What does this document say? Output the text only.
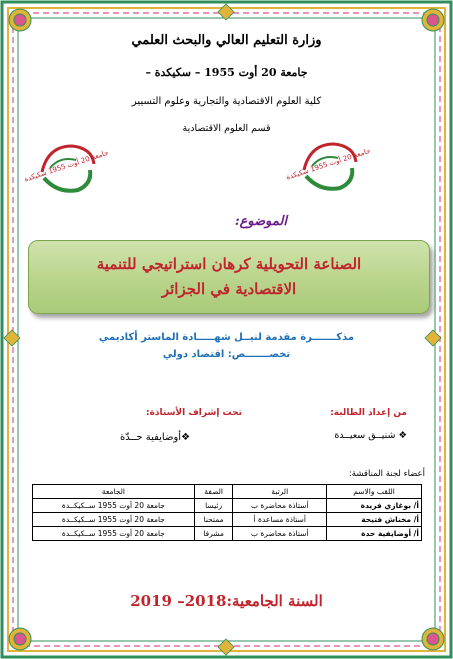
وزارة التعليم العالي والبحث العلمي
جامعة 20 أوت 1955 – سكيكدة –
كلية العلوم الاقتصادية والتجارية وعلوم التسيير
قسم العلوم الاقتصادية
جامعة 20 أوت 1955 سكيكدة
جامعة 20 أوت 1955 سكيكدة
الموضوع:
الصناعة التحويلية كرهان استراتيجي للتنمية
الاقتصادية في الجزائر
مذكـــــــرة مقدمة لنيــل شهـــــادة الماستر أكاديمي
تخصـــــــص: اقتصاد دولي
من إعداد الطالبة:
❖ شنيــق سعيــدة
تحت إشراف الأستاذة:
❖أوضايفية حــدّة
أعضاء لجنة المناقشة:
اللقب والاسم	الرتبة	الصفة	الجامعة
أ/ بوغازي فريدة	أستاذة محاضرة ب	رئيسا	جامعة 20 أوت 1955 ســكيكــدة
أ/ مخناش فتيحة	أستاذة مساعدة أ	ممتحنا	جامعة 20 أوت 1955 ســكيكــدة
أ/ أوضايفية حدة	أستاذة محاضرة ب	مشرفا	جامعة 20 أوت 1955 ســكيكــدة
السنة الجامعية:2018– 2019
